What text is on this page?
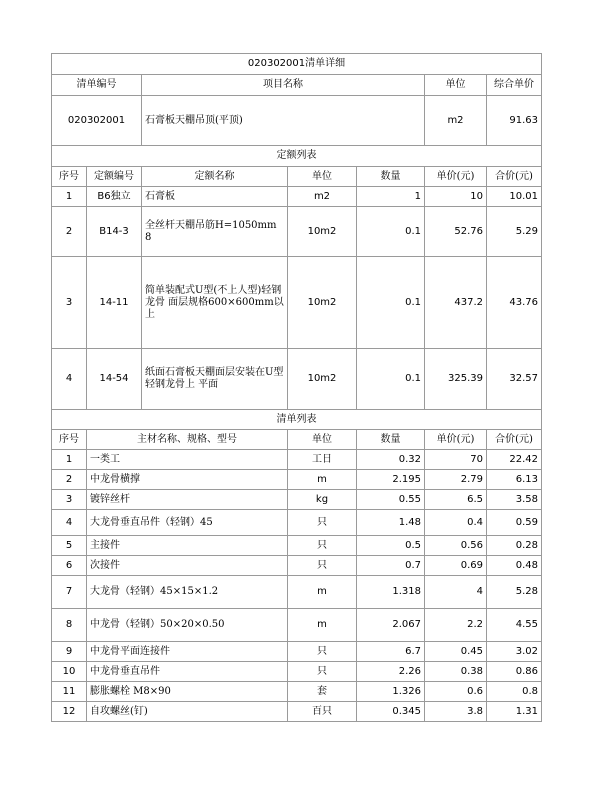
020302001清单详细						
清单编号		项目名称			单位	综合单价
020302001		石膏板天棚吊顶(平顶)			m2	91.63
定额列表						
序号	定额编号	定额名称	单位	数量	单价(元)	合价(元)
1	B6独立	石膏板	m2	1	10	10.01
2	B14-3	全丝杆天棚吊筋H=1050mm 8	10m2	0.1	52.76	5.29
3	14-11	简单装配式U型(不上人型)轻钢龙骨 面层规格600×600mm以上	10m2	0.1	437.2	43.76
4	14-54	纸面石膏板天棚面层安装在U型轻钢龙骨上 平面	10m2	0.1	325.39	32.57
清单列表						
序号	主材名称、规格、型号		单位	数量	单价(元)	合价(元)
1	一类工		工日	0.32	70	22.42
2	中龙骨横撑		m	2.195	2.79	6.13
3	镀锌丝杆		kg	0.55	6.5	3.58
4	大龙骨垂直吊件（轻钢）45		只	1.48	0.4	0.59
5	主接件		只	0.5	0.56	0.28
6	次接件		只	0.7	0.69	0.48
7	大龙骨（轻钢）45×15×1.2		m	1.318	4	5.28
8	中龙骨（轻钢）50×20×0.50		m	2.067	2.2	4.55
9	中龙骨平面连接件		只	6.7	0.45	3.02
10	中龙骨垂直吊件		只	2.26	0.38	0.86
11	膨胀螺栓 M8×90		套	1.326	0.6	0.8
12	自攻螺丝(钉)		百只	0.345	3.8	1.31
